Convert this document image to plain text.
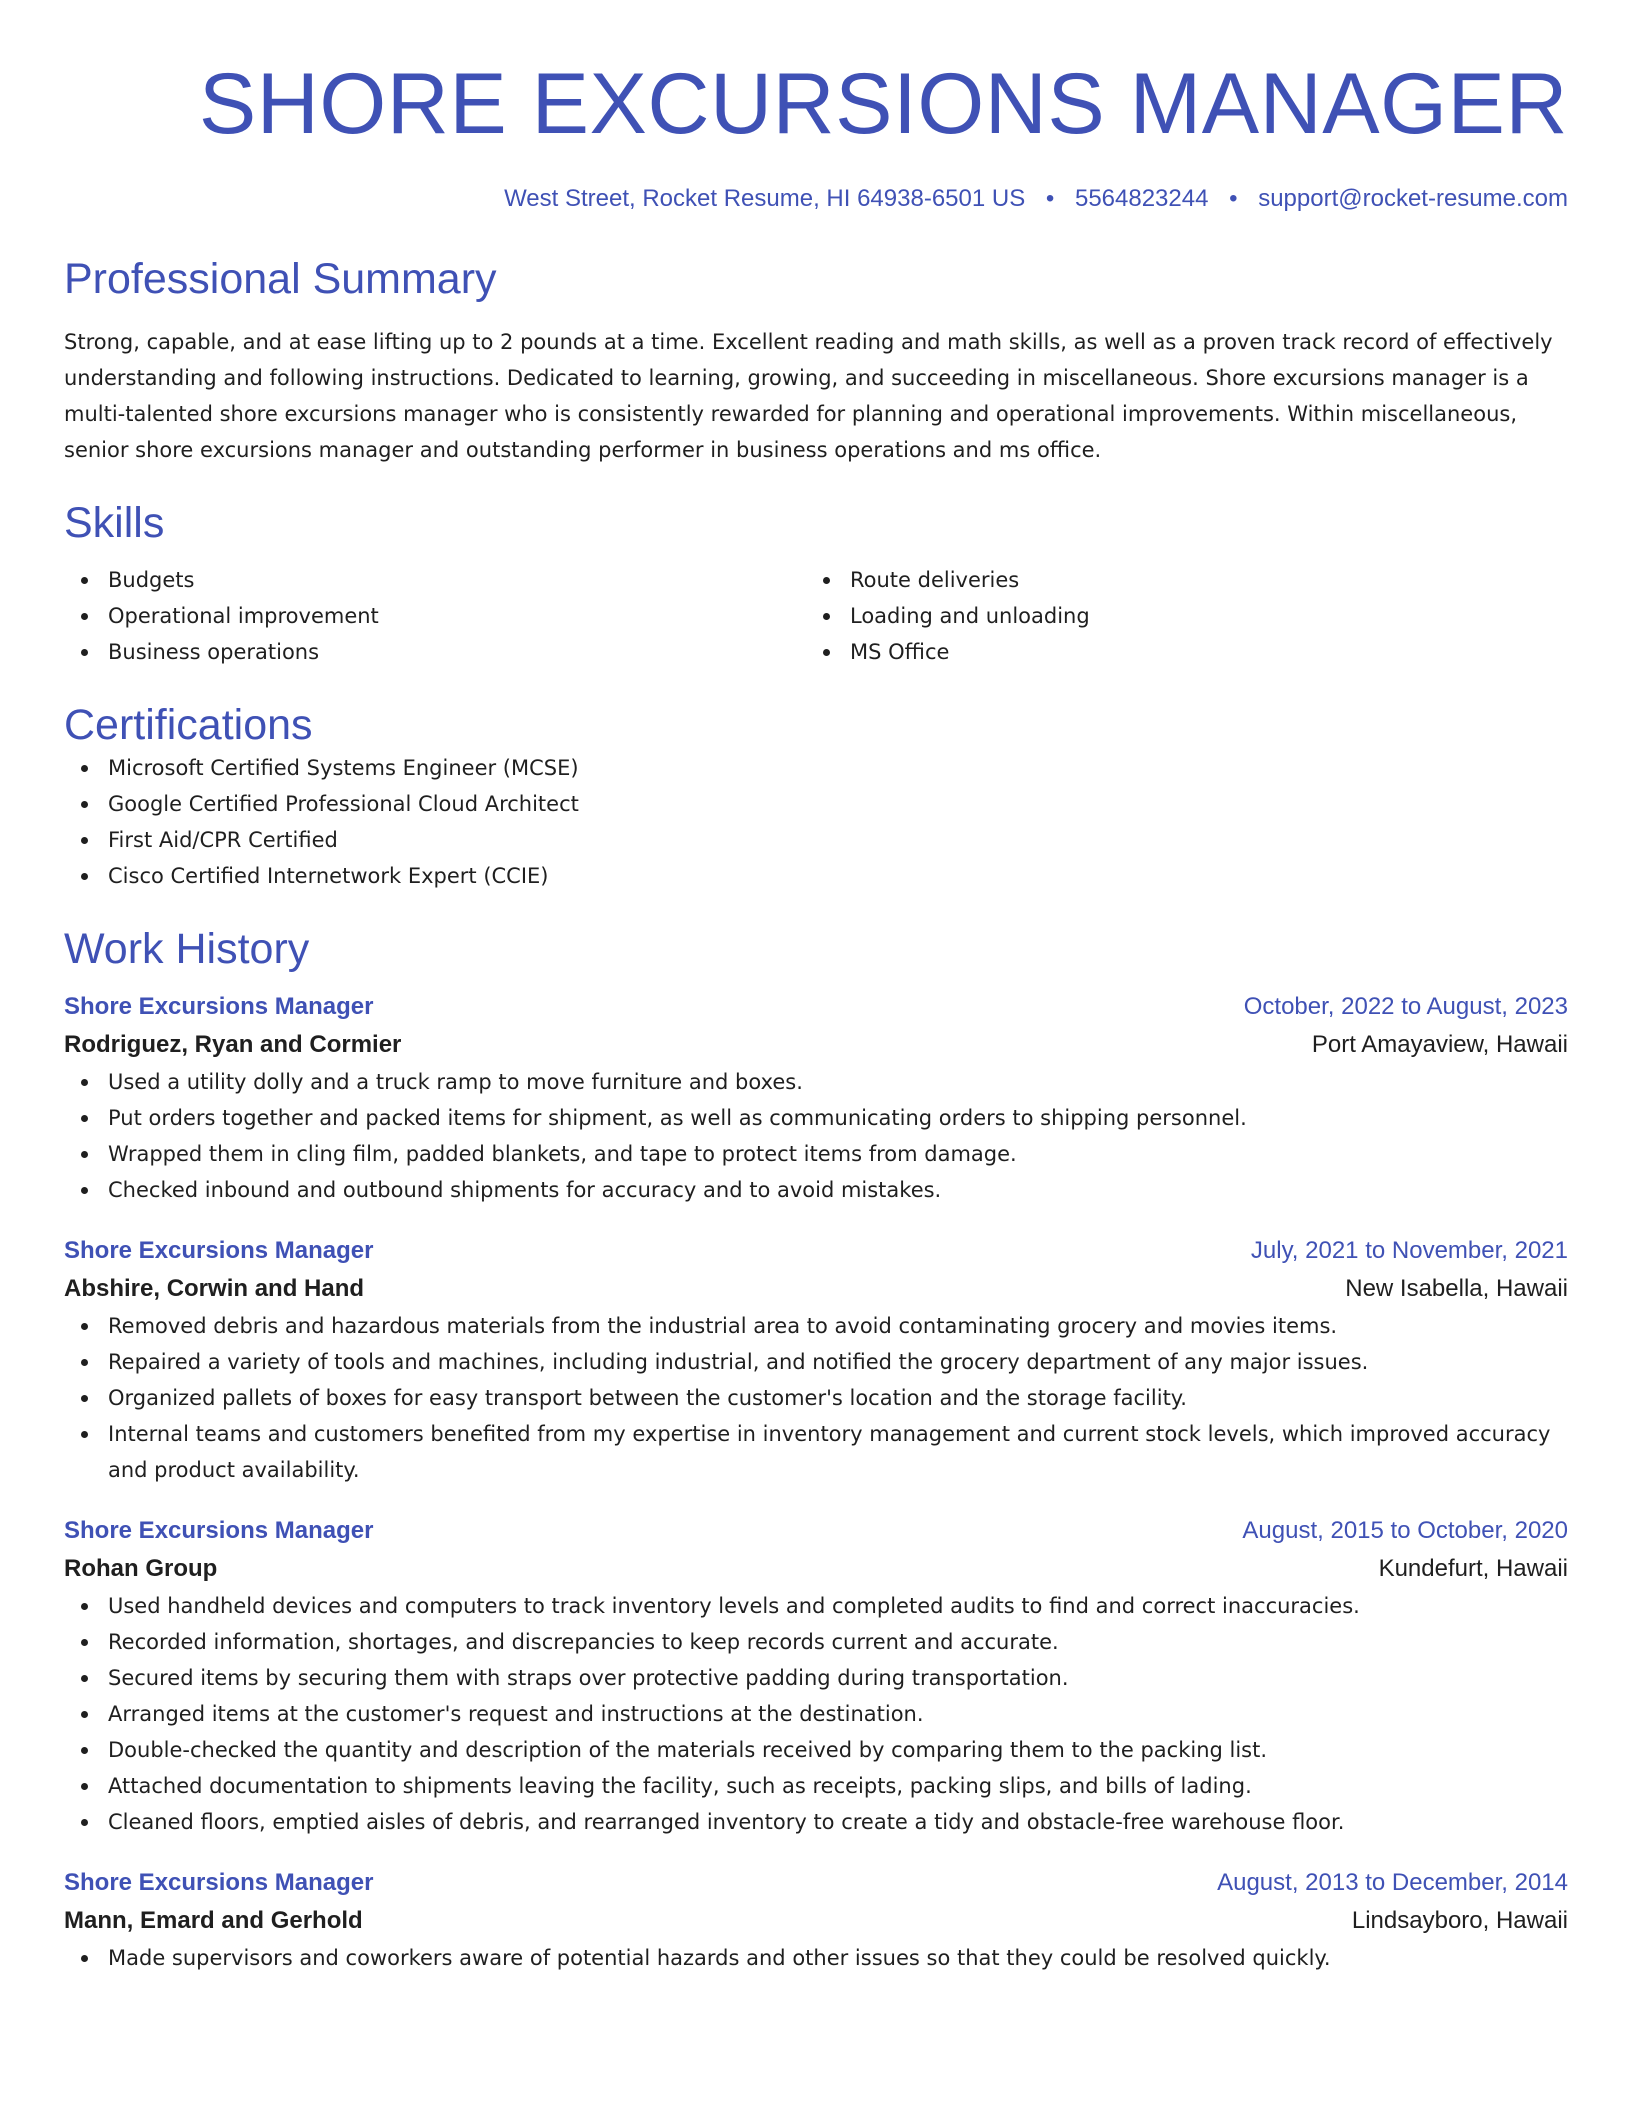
SHORE EXCURSIONS MANAGER
West Street, Rocket Resume, HI 64938-6501 US • 5564823244 • support@rocket-resume.com
Professional Summary

Strong, capable, and at ease lifting up to 2 pounds at a time. Excellent reading and math skills, as well as a proven track record of effectively understanding and following instructions. Dedicated to learning, growing, and succeeding in miscellaneous. Shore excursions manager is a multi-talented shore excursions manager who is consistently rewarded for planning and operational improvements. Within miscellaneous, senior shore excursions manager and outstanding performer in business operations and ms office.

Skills
Budgets
Operational improvement
Business operations
Route deliveries
Loading and unloading
MS Office
Certifications
Microsoft Certified Systems Engineer (MCSE)
Google Certified Professional Cloud Architect
First Aid/CPR Certified
Cisco Certified Internetwork Expert (CCIE)
Work History
Shore Excursions Manager	October, 2022 to August, 2023
Rodriguez, Ryan and Cormier	Port Amayaview, Hawaii
Used a utility dolly and a truck ramp to move furniture and boxes.
Put orders together and packed items for shipment, as well as communicating orders to shipping personnel.
Wrapped them in cling film, padded blankets, and tape to protect items from damage.
Checked inbound and outbound shipments for accuracy and to avoid mistakes.
Shore Excursions Manager	July, 2021 to November, 2021
Abshire, Corwin and Hand	New Isabella, Hawaii
Removed debris and hazardous materials from the industrial area to avoid contaminating grocery and movies items.
Repaired a variety of tools and machines, including industrial, and notified the grocery department of any major issues.
Organized pallets of boxes for easy transport between the customer's location and the storage facility.
Internal teams and customers benefited from my expertise in inventory management and current stock levels, which improved accuracy and product availability.
Shore Excursions Manager	August, 2015 to October, 2020
Rohan Group	Kundefurt, Hawaii
Used handheld devices and computers to track inventory levels and completed audits to find and correct inaccuracies.
Recorded information, shortages, and discrepancies to keep records current and accurate.
Secured items by securing them with straps over protective padding during transportation.
Arranged items at the customer's request and instructions at the destination.
Double-checked the quantity and description of the materials received by comparing them to the packing list.
Attached documentation to shipments leaving the facility, such as receipts, packing slips, and bills of lading.
Cleaned floors, emptied aisles of debris, and rearranged inventory to create a tidy and obstacle-free warehouse floor.
Shore Excursions Manager	August, 2013 to December, 2014
Mann, Emard and Gerhold	Lindsayboro, Hawaii
Made supervisors and coworkers aware of potential hazards and other issues so that they could be resolved quickly.
